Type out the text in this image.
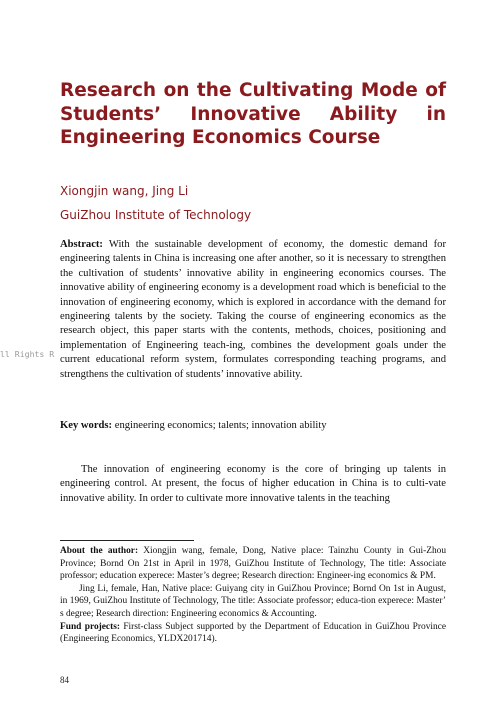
Research on the Cultivating Mode of Students’ Innovative Ability in Engineering Economics Course

Xiongjin wang, Jing Li

GuiZhou Institute of Technology

Abstract: With the sustainable development of economy, the domestic demand for engineering talents in China is increasing one after another, so it is necessary to strengthen the cultivation of students’ innovative ability in engineering economics courses. The innovative ability of engineering economy is a development road which is beneficial to the innovation of engineering economy, which is explored in accordance with the demand for engineering talents by the society. Taking the course of engineering economics as the research object, this paper starts with the contents, methods, choices, positioning and implementation of Engineering teach-ing, combines the development goals under the current educational reform system, formulates corresponding teaching programs, and strengthens the cultivation of students’ innovative ability.

Key words: engineering economics; talents; innovation ability

The innovation of engineering economy is the core of bringing up talents in engineering control. At present, the focus of higher education in China is to culti-vate innovative ability. In order to cultivate more innovative talents in the teaching

About the author: Xiongjin wang, female, Dong, Native place: Tainzhu County in Gui-Zhou Province; Bornd On 21st in April in 1978, GuiZhou Institute of Technology, The title: Associate professor; education experece: Master’s degree; Research direction: Engineer-ing economics & PM.

Jing Li, female, Han, Native place: Guiyang city in GuiZhou Province; Bornd On 1st in August, in 1969, GuiZhou Institute of Technology, The title: Associate professor; educa-tion experece: Master’ s degree; Research direction: Engineering economics & Accounting.

Fund projects: First-class Subject supported by the Department of Education in GuiZhou Province (Engineering Economics, YLDX201714).

84

ll Rights R
